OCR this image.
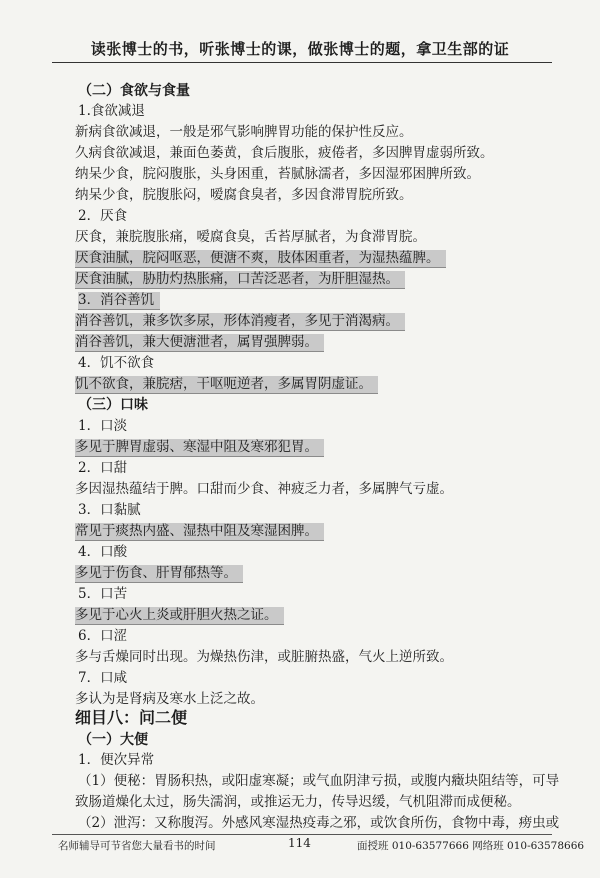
读张博士的书，听张博士的课，做张博士的题，拿卫生部的证
（二）食欲与食量
1.食欲减退
新病食欲减退，一般是邪气影响脾胃功能的保护性反应。
久病食欲减退，兼面色萎黄，食后腹胀，疲倦者，多因脾胃虚弱所致。
纳呆少食，脘闷腹胀，头身困重，苔腻脉濡者，多因湿邪困脾所致。
纳呆少食，脘腹胀闷，嗳腐食臭者，多因食滞胃脘所致。
2．厌食
厌食，兼脘腹胀痛，嗳腐食臭，舌苔厚腻者，为食滞胃脘。
厌食油腻，脘闷呕恶，便溏不爽，肢体困重者，为湿热蕴脾。
厌食油腻，胁肋灼热胀痛，口苦泛恶者，为肝胆湿热。
3．消谷善饥
消谷善饥，兼多饮多尿，形体消瘦者，多见于消渴病。
消谷善饥，兼大便溏泄者，属胃强脾弱。
4．饥不欲食
饥不欲食，兼脘痞，干呕呃逆者，多属胃阴虚证。
（三）口味
1．口淡
多见于脾胃虚弱、寒湿中阻及寒邪犯胃。
2．口甜
多因湿热蕴结于脾。口甜而少食、神疲乏力者，多属脾气亏虚。
3．口黏腻
常见于痰热内盛、湿热中阻及寒湿困脾。
4．口酸
多见于伤食、肝胃郁热等。
5．口苦
多见于心火上炎或肝胆火热之证。
6．口涩
多与舌燥同时出现。为燥热伤津，或脏腑热盛，气火上逆所致。
7．口咸
多认为是肾病及寒水上泛之故。
细目八：问二便
（一）大便
1．便次异常
（1）便秘：胃肠积热，或阳虚寒凝；或气血阴津亏损，或腹内癥块阻结等，可导
致肠道燥化太过，肠失濡润，或推运无力，传导迟缓，气机阻滞而成便秘。
（2）泄泻：又称腹泻。外感风寒湿热疫毒之邪，或饮食所伤，食物中毒，痨虫或
名师辅导可节省您大量看书的时间	114	面授班 010-63577666 网络班 010-63578666
